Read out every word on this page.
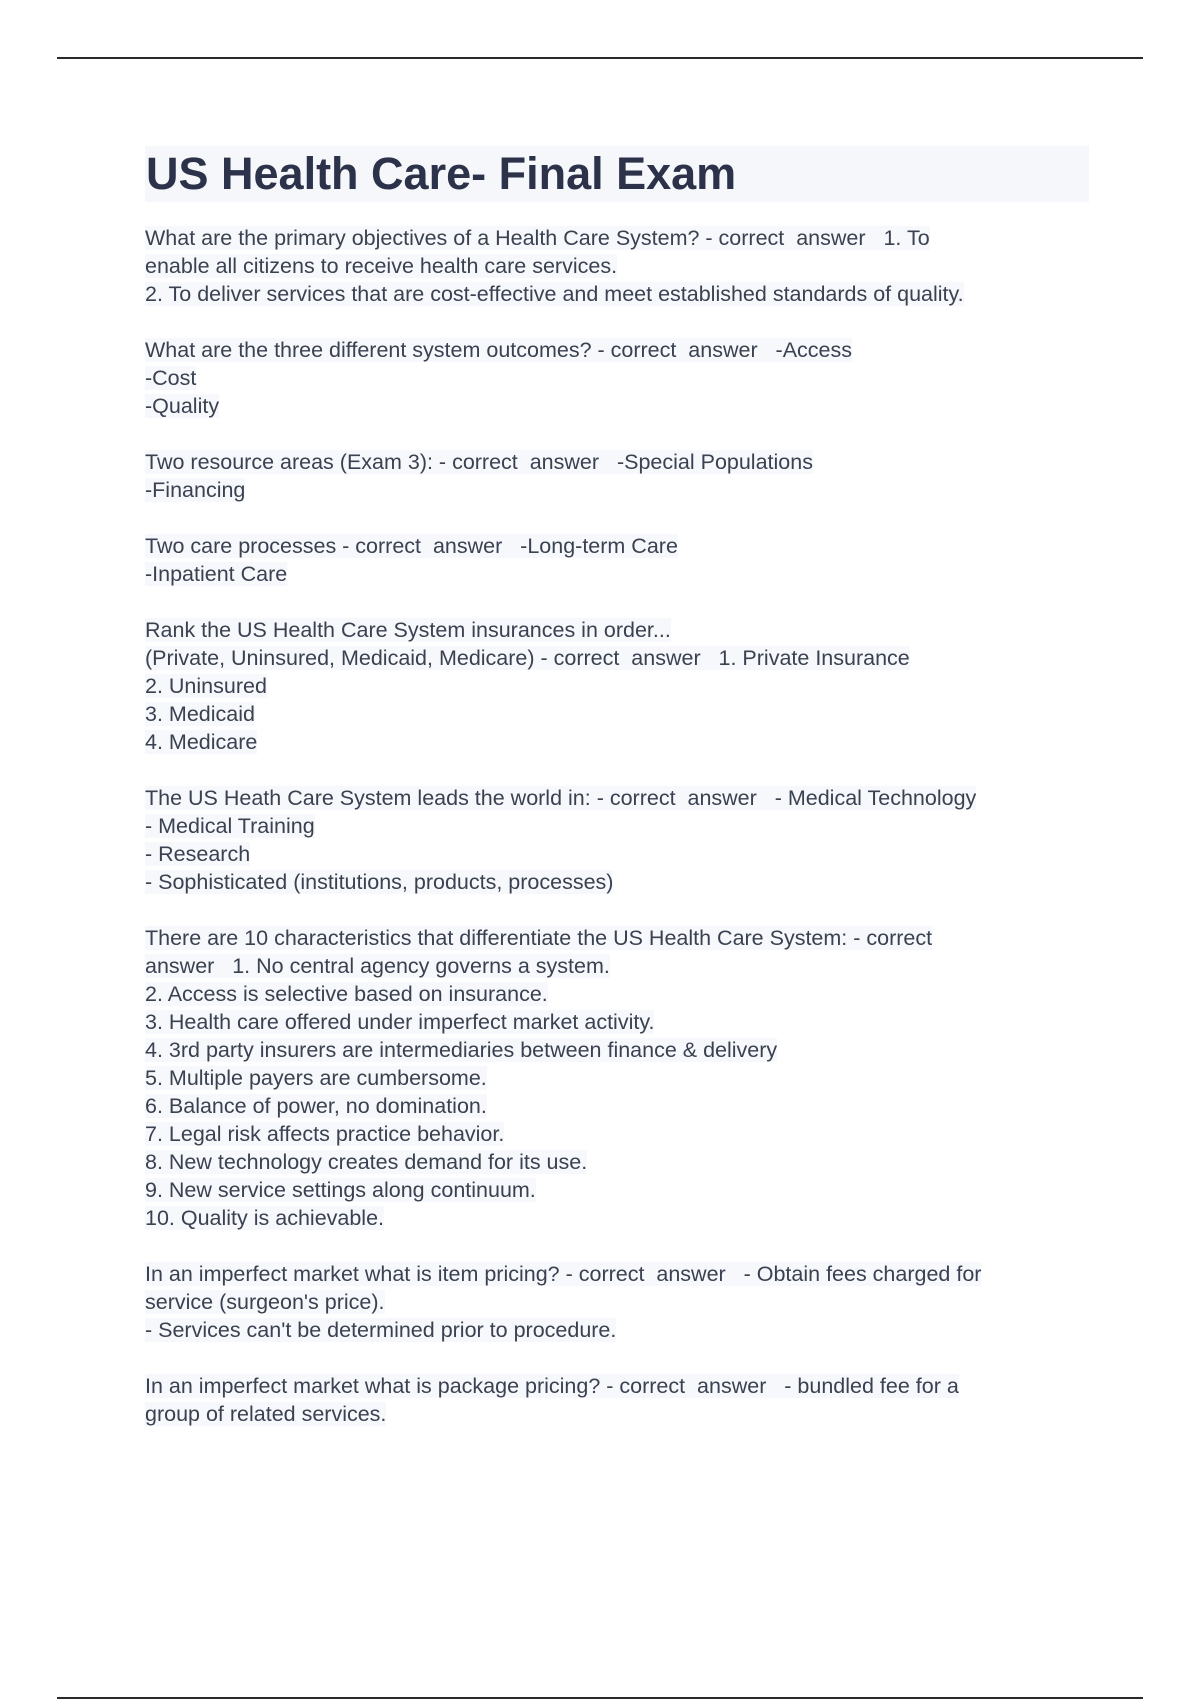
US Health Care- Final Exam
What are the primary objectives of a Health Care System? - correct  answer   1. To
enable all citizens to receive health care services.
2. To deliver services that are cost-effective and meet established standards of quality.
What are the three different system outcomes? - correct  answer   -Access
-Cost
-Quality
Two resource areas (Exam 3): - correct  answer   -Special Populations
-Financing
Two care processes - correct  answer   -Long-term Care
-Inpatient Care
Rank the US Health Care System insurances in order...
(Private, Uninsured, Medicaid, Medicare) - correct  answer   1. Private Insurance
2. Uninsured
3. Medicaid
4. Medicare
The US Heath Care System leads the world in: - correct  answer   - Medical Technology
- Medical Training
- Research
- Sophisticated (institutions, products, processes)
There are 10 characteristics that differentiate the US Health Care System: - correct
answer   1. No central agency governs a system.
2. Access is selective based on insurance.
3. Health care offered under imperfect market activity.
4. 3rd party insurers are intermediaries between finance & delivery
5. Multiple payers are cumbersome.
6. Balance of power, no domination.
7. Legal risk affects practice behavior.
8. New technology creates demand for its use.
9. New service settings along continuum.
10. Quality is achievable.
In an imperfect market what is item pricing? - correct  answer   - Obtain fees charged for
service (surgeon's price).
- Services can't be determined prior to procedure.
In an imperfect market what is package pricing? - correct  answer   - bundled fee for a
group of related services.
